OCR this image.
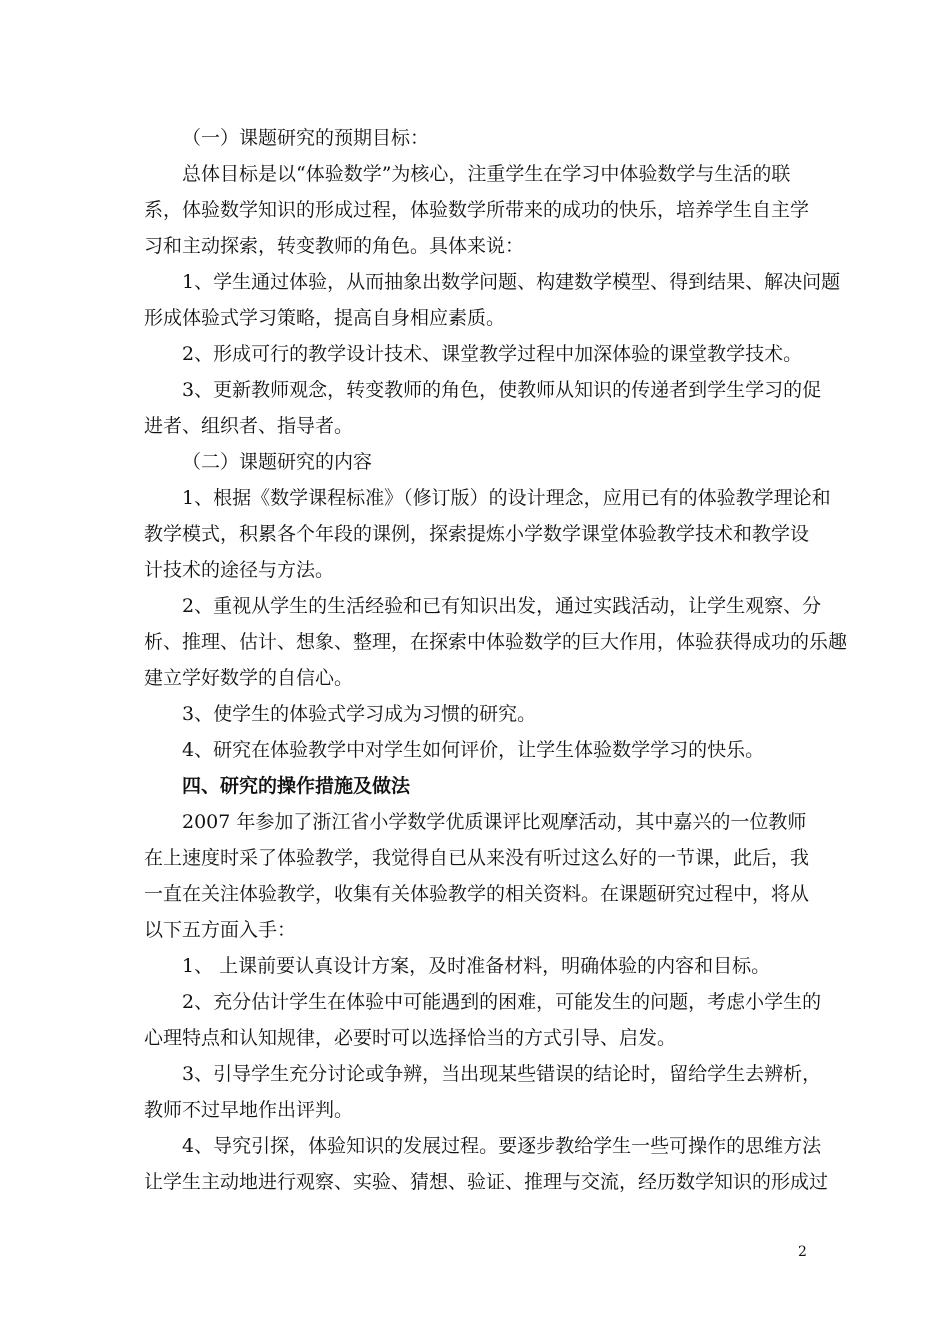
（一）课题研究的预期目标：

总体目标是以“体验数学”为核心，注重学生在学习中体验数学与生活的联
系，体验数学知识的形成过程，体验数学所带来的成功的快乐，培养学生自主学
习和主动探索，转变教师的角色。具体来说：

1、学生通过体验，从而抽象出数学问题、构建数学模型、得到结果、解决问题
形成体验式学习策略，提高自身相应素质。

2、形成可行的教学设计技术、课堂教学过程中加深体验的课堂教学技术。

3、更新教师观念，转变教师的角色，使教师从知识的传递者到学生学习的促
进者、组织者、指导者。

（二）课题研究的内容

1、根据《数学课程标准》（修订版）的设计理念，应用已有的体验教学理论和
教学模式，积累各个年段的课例，探索提炼小学数学课堂体验教学技术和教学设
计技术的途径与方法。

2、重视从学生的生活经验和已有知识出发，通过实践活动，让学生观察、分
析、推理、估计、想象、整理，在探索中体验数学的巨大作用，体验获得成功的乐趣
建立学好数学的自信心。

3、使学生的体验式学习成为习惯的研究。

4、研究在体验教学中对学生如何评价，让学生体验数学学习的快乐。

四、研究的操作措施及做法

2007 年参加了浙江省小学数学优质课评比观摩活动，其中嘉兴的一位教师
在上速度时采了体验教学，我觉得自已从来没有听过这么好的一节课，此后，我
一直在关注体验教学，收集有关体验教学的相关资料。在课题研究过程中，将从
以下五方面入手：

1、 上课前要认真设计方案，及时准备材料，明确体验的内容和目标。

2、充分估计学生在体验中可能遇到的困难，可能发生的问题，考虑小学生的
心理特点和认知规律，必要时可以选择恰当的方式引导、启发。

3、引导学生充分讨论或争辨，当出现某些错误的结论时，留给学生去辨析，
教师不过早地作出评判。

4、导究引探，体验知识的发展过程。要逐步教给学生一些可操作的思维方法
让学生主动地进行观察、实验、猜想、验证、推理与交流，经历数学知识的形成过

2
